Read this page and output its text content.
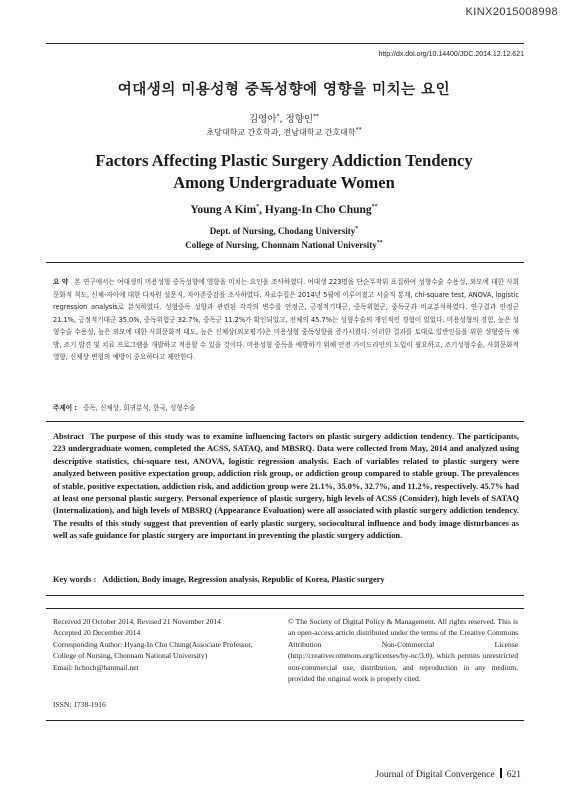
KINX2015008998
http://dx.doi.org/10.14400/JDC.2014.12.12.621
여대생의 미용성형 중독성향에 영향을 미치는 요인
김영아*, 정향인**
초당대학교 간호학과, 전남대학교 간호대학**
Factors Affecting Plastic Surgery Addiction Tendency
Among Undergraduate Women
Young A Kim*, Hyang-In Cho Chung**
Dept. of Nursing, Chodang University*
College of Nursing, Chonnam National University**
요 약 본 연구에서는 여대생의 미용성형 중독성향에 영향을 미치는 요인을 조사하였다. 여대생 223명을 단순무작위 표집하여 성형수술 수용성, 외모에 대한 사회문화적 척도, 신체-자아에 대한 다차원 설문지, 자아존중감을 조사하였다. 자료수집은 2014년 5월에 이루어졌고 서술적 통계, chi-square test, ANOVA, logistic regression analysis로 분석하였다. 성형중독 성향과 관련된 각각의 변수를 안정군, 긍정적기대군, 중독위험군, 중독군과 비교분석하였다. 연구결과 안정군 21.1%, 긍정적기대군 35.0%, 중독위험군 32.7%, 중독군 11.2%가 확인되었고, 전체의 45.7%는 성형수술의 개인적인 경험이 있었다. 미용성형의 경험, 높은 성형수술 수용성, 높은 외모에 대한 사회문화적 태도, 높은 신체상(외모평가)은 미용성형 중독성향을 증가시켰다. 이러한 결과를 토대로 일반인들을 위한 성형중독 예방, 조기 발견 및 치료 프로그램을 개발하고 적용할 수 있을 것이다. 미용성형 중독을 예방하기 위해 안전 가이드라인의 도입이 필요하고, 조기성형수술, 사회문화적 영향, 신체상 변형의 예방이 중요하다고 제안한다.
주제어 : 중독, 신체상, 회귀분석, 한국, 성형수술
Abstract The purpose of this study was to examine influencing factors on plastic surgery addiction tendency. The participants, 223 undergraduate women, completed the ACSS, SATAQ, and MBSRQ. Data were collected from May, 2014 and analyzed using descriptive statistics, chi-square test, ANOVA, logistic regression analysis. Each of variables related to plastic surgery were analyzed between positive expectation group, addiction risk group, or addiction group compared to stable group. The prevalences of stable, positive expectation, addiction risk, and addiction group were 21.1%, 35.0%, 32.7%, and 11.2%, respectively. 45.7% had at least one personal plastic surgery. Personal experience of plastic surgery, high levels of ACSS (Consider), high levels of SATAQ (Internalization), and high levels of MBSRQ (Appearance Evaluation) were all associated with plastic surgery addiction tendency. The results of this study suggest that prevention of early plastic surgery, sociocultural influence and body image disturbances as well as safe guidance for plastic surgery are important in preventing the plastic surgery addiction.
Key words : Addiction, Body image, Regression analysis, Republic of Korea, Plastic surgery
Received 20 October 2014, Revised 21 November 2014
Accepted 20 December 2014
Corresponding Author: Hyang-In Cho Chung(Associate Professor, College of Nursing, Chonnam National University)
Email: hchoch@hanmail.net
ISSN: 1738-1916
© The Society of Digital Policy & Management. All rights reserved. This is an open-access article distributed under the terms of the Creative Commons Attribution Non-Commercial License (http://creativecommons.org/licenses/by-nc/3.0), which permits unrestricted non-commercial use, distribution, and reproduction in any medium, provided the original work is properly cited.
Journal of Digital Convergence 621
